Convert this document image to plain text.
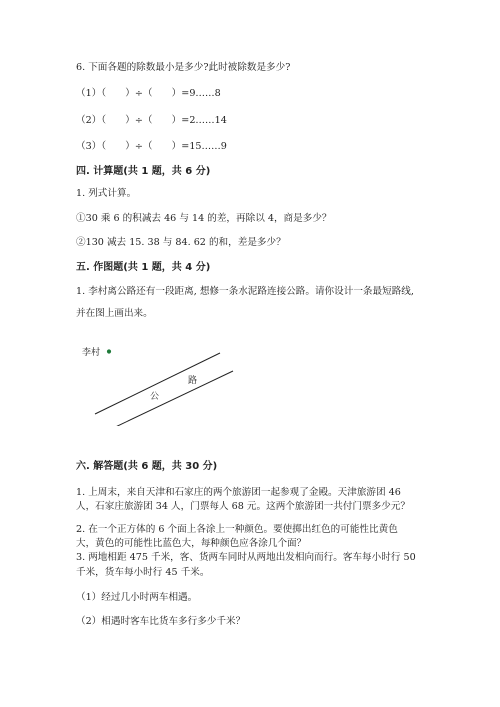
6. 下面各题的除数最小是多少?此时被除数是多少?
（1）（　　）÷（　　）=9……8
（2）（　　）÷（　　）=2……14
（3）（　　）÷（　　）=15……9
四. 计算题(共 1 题，共 6 分)
1. 列式计算。
①30 乘 6 的积减去 46 与 14 的差，再除以 4，商是多少？
②130 减去 15. 38 与 84. 62 的和，差是多少？
五. 作图题(共 1 题，共 4 分)
1. 李村离公路还有一段距离, 想修一条水泥路连接公路。请你设计一条最短路线,
并在图上画出来。
李村
路
公
六. 解答题(共 6 题，共 30 分)
1. 上周末，来自天津和石家庄的两个旅游团一起参观了金殿。天津旅游团 46
人，石家庄旅游团 34 人，门票每人 68 元。这两个旅游团一共付门票多少元？
2. 在一个正方体的 6 个面上各涂上一种颜色。要使掷出红色的可能性比黄色
大，黄色的可能性比蓝色大，每种颜色应各涂几个面？
3. 两地相距 475 千米，客、货两车同时从两地出发相向而行。客车每小时行 50
千米，货车每小时行 45 千米。
（1）经过几小时两车相遇。
（2）相遇时客车比货车多行多少千米？
